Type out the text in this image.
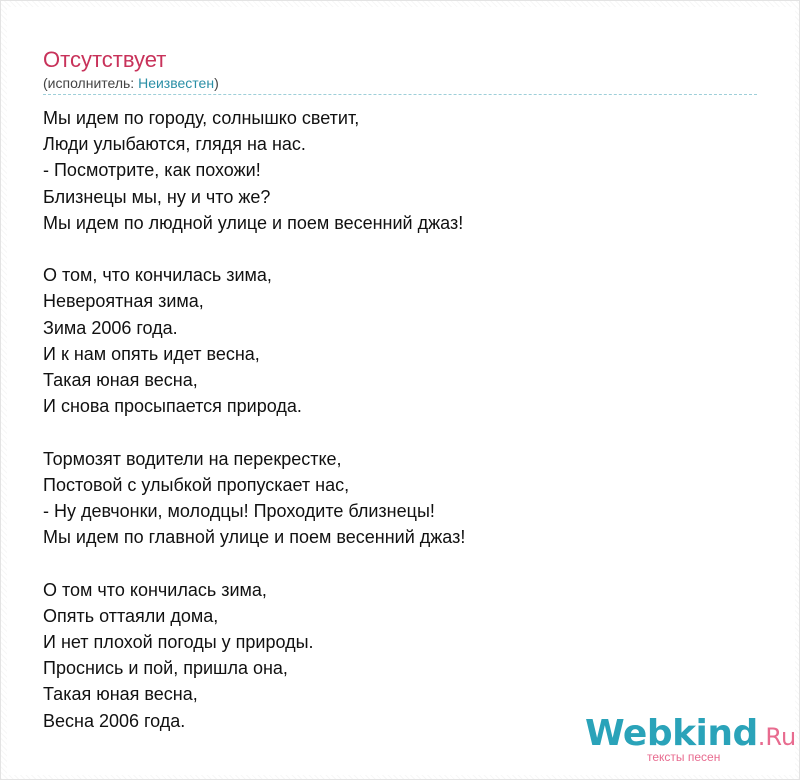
Отсутствует
(исполнитель: Неизвестен)
Мы идем по городу, солнышко светит,
Люди улыбаются, глядя на нас.
- Посмотрите, как похожи!
Близнецы мы, ну и что же?
Мы идем по людной улице и поем весенний джаз!
О том, что кончилась зима,
Невероятная зима,
Зима 2006 года.
И к нам опять идет весна,
Такая юная весна,
И снова просыпается природа.
Тормозят водители на перекрестке,
Постовой с улыбкой пропускает нас,
- Ну девчонки, молодцы! Проходите близнецы!
Мы идем по главной улице и поем весенний джаз!
О том что кончилась зима,
Опять оттаяли дома,
И нет плохой погоды у природы.
Проснись и пой, пришла она,
Такая юная весна,
Весна 2006 года.	Webkind.Ru
тексты песен
